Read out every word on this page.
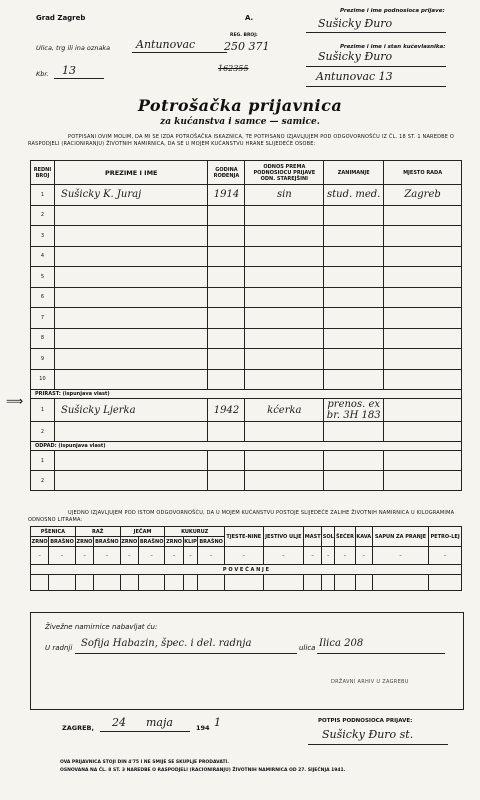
Grad Zagreb	A.
Ulica, trg ili ina oznaka Antunovac
REG. BROJ:
250 371
162355
Kbr. 13
Prezime i ime podnosioca prijave:
Sušicky Đuro
Prezime i ime i stan kućevlasnika:
Sušicky Đuro
Antunovac 13
Potrošačka prijavnica
za kućanstva i samce — samice.
POTPISANI OVIM MOLIM, DA MI SE IZDA POTROŠAČKA ISKAZNICA, TE POTPISANO IZJAVLJUJEM POD ODGOVORNOŠĆU IZ ČL. 18 ST. 1 NAREDBE O RASPODJELI (RACIONIRANJU) ŽIVOTNIH NAMIRNICA, DA SE U MOJEM KUĆANSTVU HRANE SLIJEDEĆE OSOBE:
⟹
REDNI BROJ	PREZIME I IME	GODINA ROĐENJA	ODNOS PREMA PODNOSIOCU PRIJAVE ODN. STAREJŠINI	ZANIMANJE	MJESTO RADA
1	Sušicky K. Juraj	1914	sin	stud. med.	Zagreb
2					
3					
4					
5					
6					
7					
8					
9					
10					
PRIRAST: (ispunjava vlast)					
1	Sušicky Ljerka	1942	kćerka	prenos. ex br. 3H 183	
2					
ODPAD: (ispunjava vlast)					
1					
2					
UJEDNO IZJAVLJUJEM POD ISTOM ODGOVORNOŠĆU, DA U MOJEM KUĆANSTVU POSTOJE SLIJEDEĆE ZALIHE ŽIVOTNIH NAMIRNICA U KILOGRAMIMA ODNOSNO LITRAMA:
PŠENICA		RAŽ		JEČAM		KUKURUZ			TJESTE-NINE	JESTIVO ULJE	MAST	SOL	ŠEĆER	KAVA	SAPUN ZA PRANJE	PETRO-LEJ
ZRNO	BRAŠNO	ZRNO	BRAŠNO	ZRNO	BRAŠNO	ZRNO	KLIP	BRAŠNO								
–	–	–	–	–	–	–	–	–	–	–	–	–	–	–	–	–
P O V E Ć A N J E																

Živežne namirnice nabavljat ću:
U radnji Sofija Habazin, špec. i del. radnja	ulica Ilica 208
DRŽAVNI ARHIV U ZAGREBU
ZAGREB, 24 maja	194 1	POTPIS PODNOSIOCA PRIJAVE:
Sušicky Đuro st.
OVA PRIJAVNICA STOJI DIN 4'75 I NE SMIJE SE SKUPLJE PRODAVATI.
OSNOVANA NA ČL. 8 ST. 3 NAREDBE O RASPODJELI (RACIONIRANJU) ŽIVOTNIH NAMIRNICA OD 27. SIJEČNJA 1941.
